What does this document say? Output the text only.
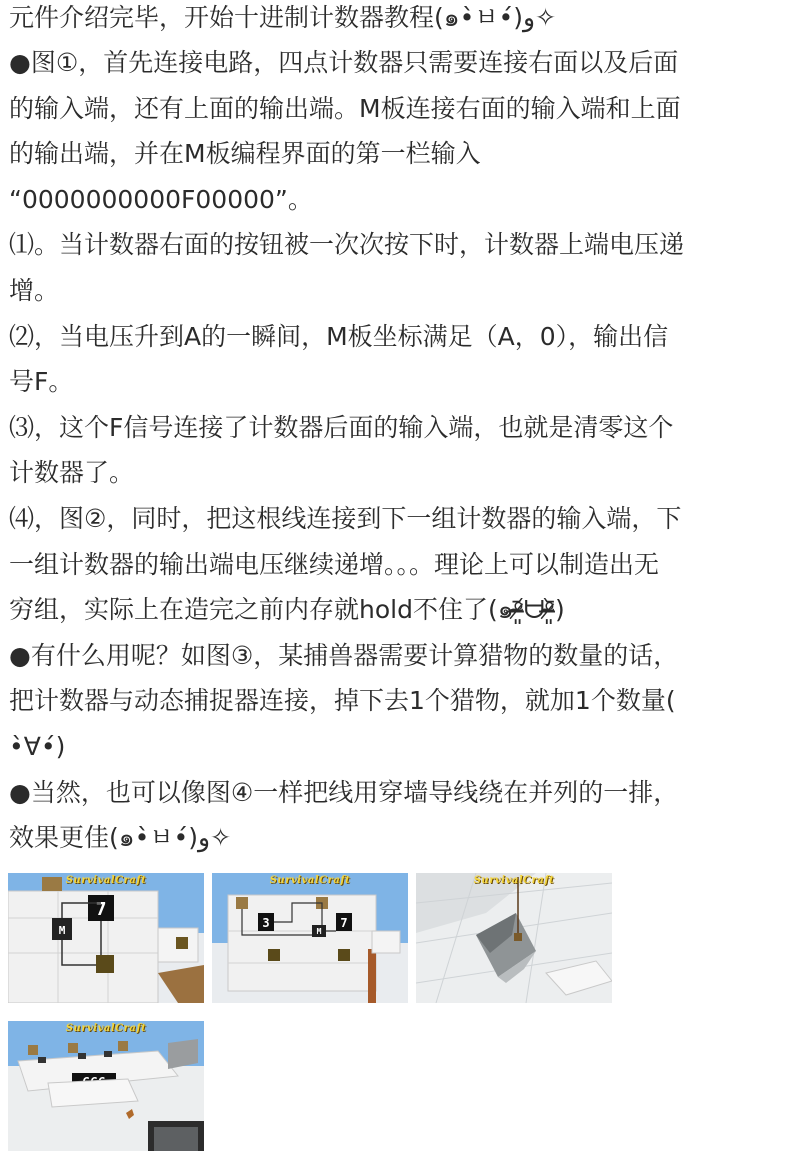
元件介绍完毕，开始十进制计数器教程(๑•̀ㅂ•́)و✧
●图①，首先连接电路，四点计数器只需要连接右面以及后面
的输入端，还有上面的输出端。M板连接右面的输入端和上面
的输出端，并在M板编程界面的第一栏输入
“0000000000F00000”。
⑴。当计数器右面的按钮被一次次按下时，计数器上端电压递
增。
⑵，当电压升到A的一瞬间，M板坐标满足（A，0），输出信
号F。
⑶，这个F信号连接了计数器后面的输入端，也就是清零这个
计数器了。
⑷，图②，同时，把这根线连接到下一组计数器的输入端，下
一组计数器的输出端电压继续递增。。。理论上可以制造出无
穷组，实际上在造完之前内存就hold不住了(๑ᵒ̴̶̷͈᷄ᗨᵒ̴̶̷͈᷅)
●有什么用呢？如图③，某捕兽器需要计算猎物的数量的话，
把计数器与动态捕捉器连接，掉下去1个猎物，就加1个数量(
•̀∀•́)
●当然，也可以像图④一样把线用穿墙导线绕在并列的一排，
效果更佳(๑•̀ㅂ•́)و✧
M
7
SurvivalCraft
3
M
7
SurvivalCraft	SurvivalCraft
SurvivalCraft
